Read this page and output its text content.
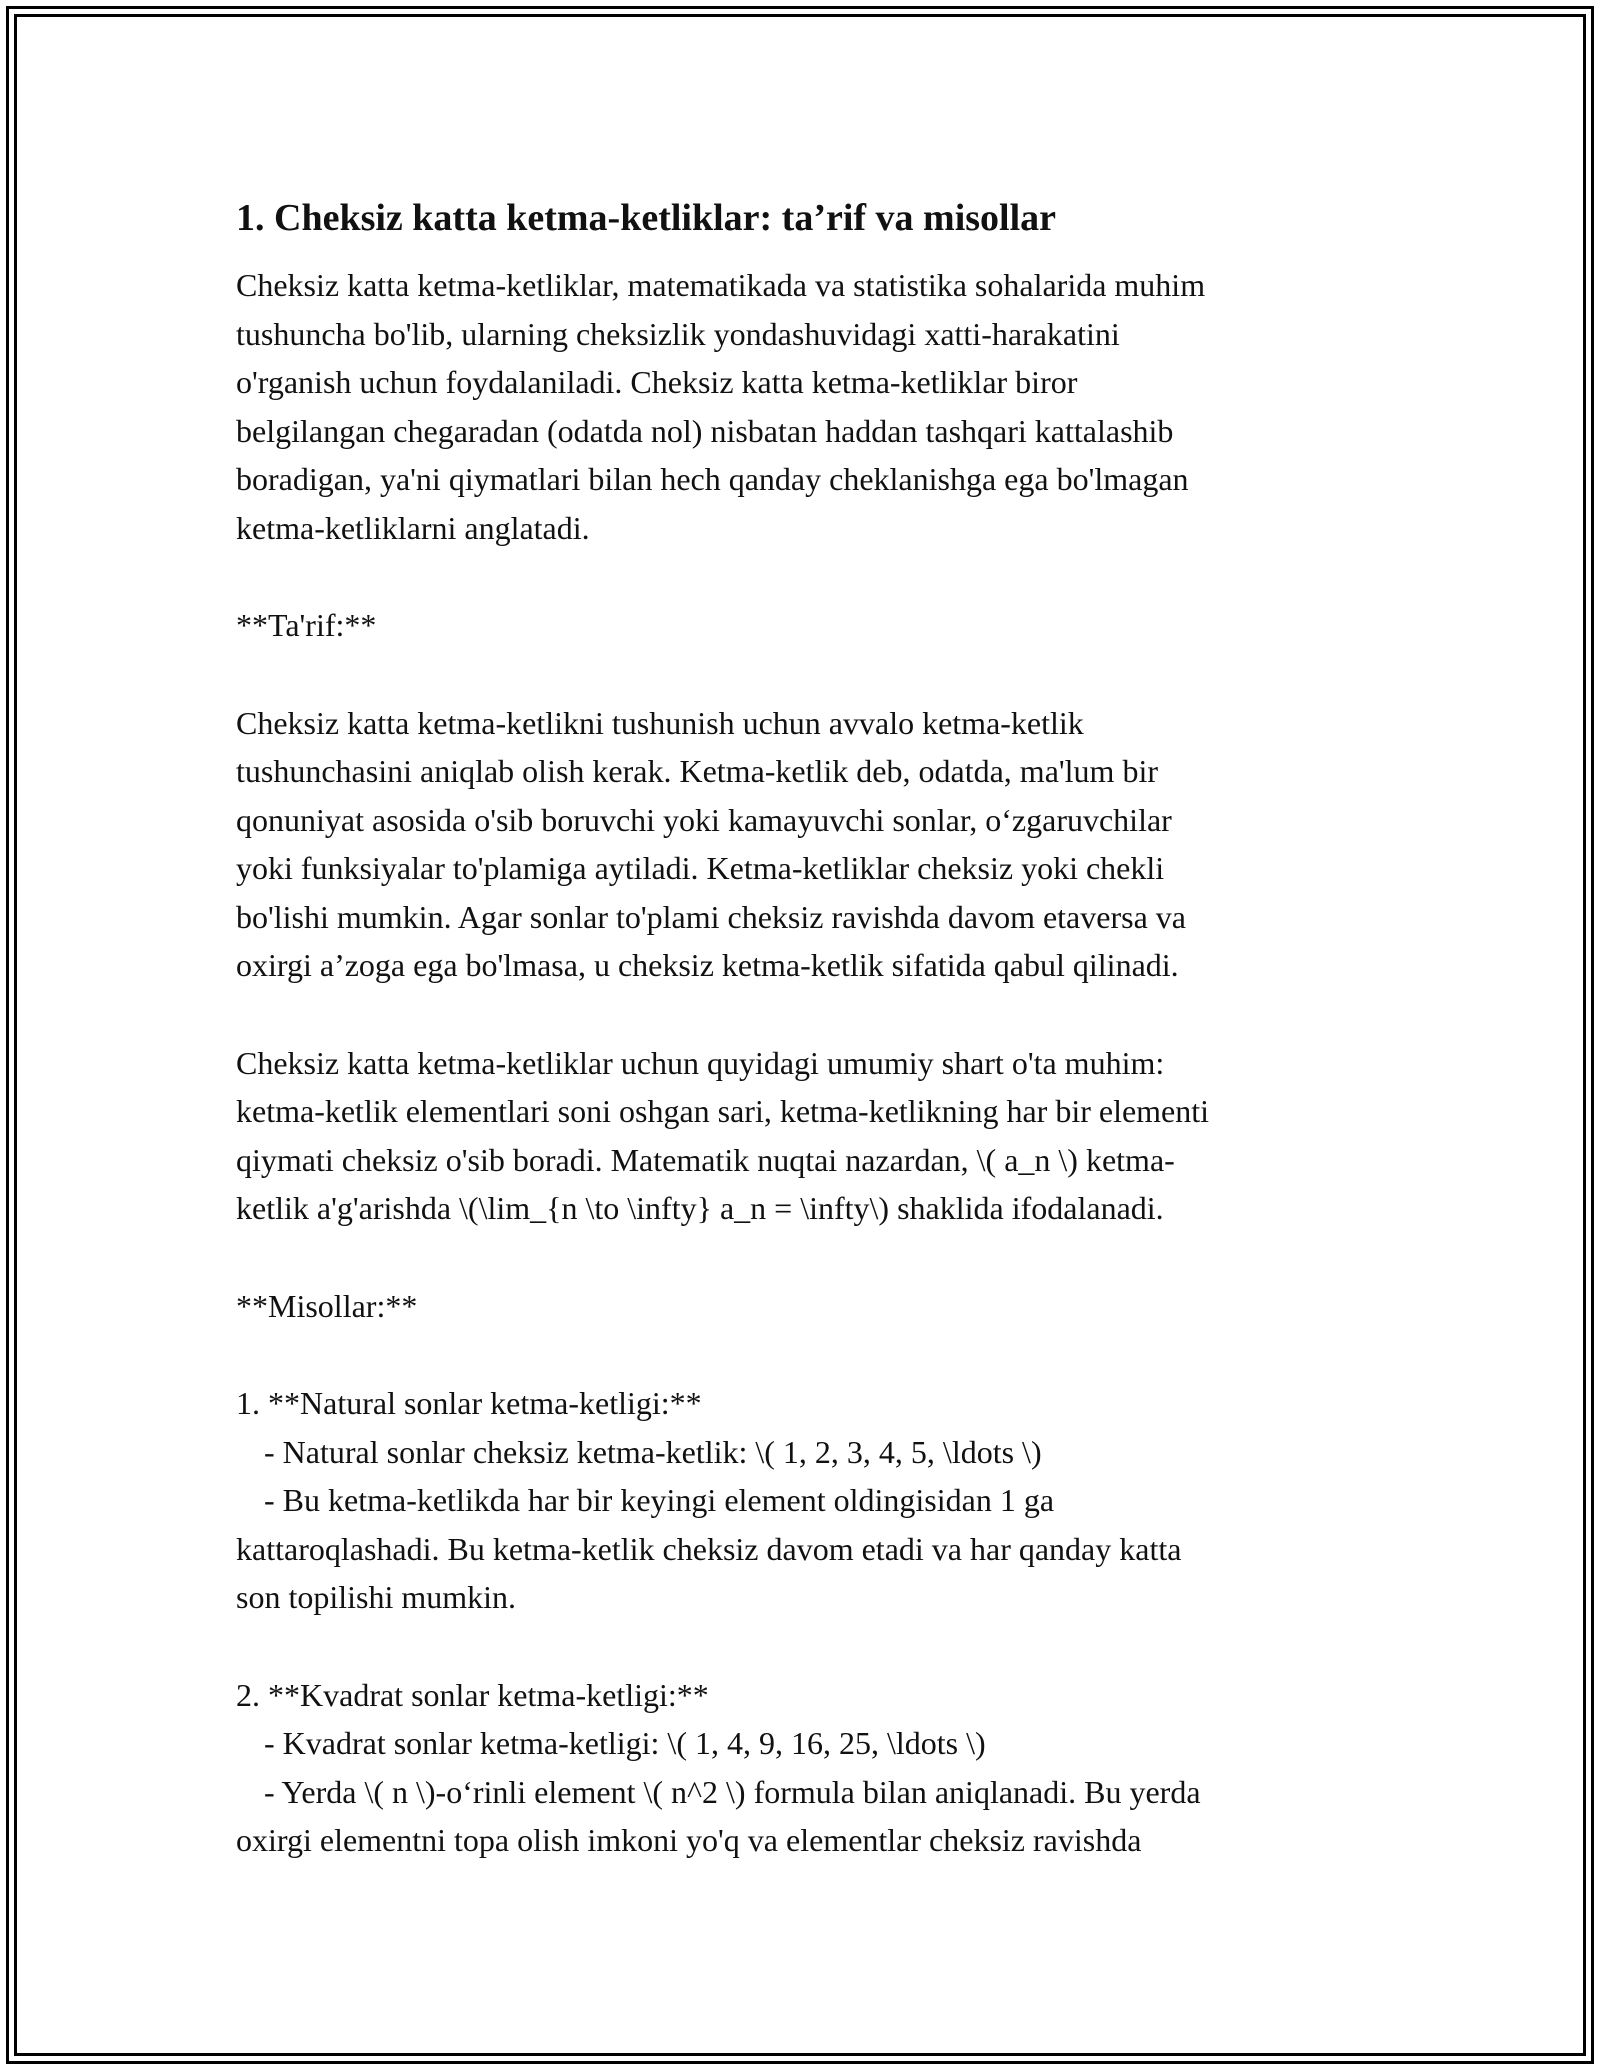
1. Cheksiz katta ketma-ketliklar: ta’rif va misollar
Cheksiz katta ketma-ketliklar, matematikada va statistika sohalarida muhim
tushuncha bo'lib, ularning cheksizlik yondashuvidagi xatti-harakatini
o'rganish uchun foydalaniladi. Cheksiz katta ketma-ketliklar biror
belgilangan chegaradan (odatda nol) nisbatan haddan tashqari kattalashib
boradigan, ya'ni qiymatlari bilan hech qanday cheklanishga ega bo'lmagan
ketma-ketliklarni anglatadi.
**Ta'rif:**
Cheksiz katta ketma-ketlikni tushunish uchun avvalo ketma-ketlik
tushunchasini aniqlab olish kerak. Ketma-ketlik deb, odatda, ma'lum bir
qonuniyat asosida o'sib boruvchi yoki kamayuvchi sonlar, o‘zgaruvchilar
yoki funksiyalar to'plamiga aytiladi. Ketma-ketliklar cheksiz yoki chekli
bo'lishi mumkin. Agar sonlar to'plami cheksiz ravishda davom etaversa va
oxirgi a’zoga ega bo'lmasa, u cheksiz ketma-ketlik sifatida qabul qilinadi.
Cheksiz katta ketma-ketliklar uchun quyidagi umumiy shart o'ta muhim:
ketma-ketlik elementlari soni oshgan sari, ketma-ketlikning har bir elementi
qiymati cheksiz o'sib boradi. Matematik nuqtai nazardan, \( a_n \) ketma-
ketlik a'g'arishda \(\lim_{n \to \infty} a_n = \infty\) shaklida ifodalanadi.
**Misollar:**
1. **Natural sonlar ketma-ketligi:**
- Natural sonlar cheksiz ketma-ketlik: \( 1, 2, 3, 4, 5, \ldots \)
- Bu ketma-ketlikda har bir keyingi element oldingisidan 1 ga
kattaroqlashadi. Bu ketma-ketlik cheksiz davom etadi va har qanday katta
son topilishi mumkin.
2. **Kvadrat sonlar ketma-ketligi:**
- Kvadrat sonlar ketma-ketligi: \( 1, 4, 9, 16, 25, \ldots \)
- Yerda \( n \)-o‘rinli element \( n^2 \) formula bilan aniqlanadi. Bu yerda
oxirgi elementni topa olish imkoni yo'q va elementlar cheksiz ravishda
